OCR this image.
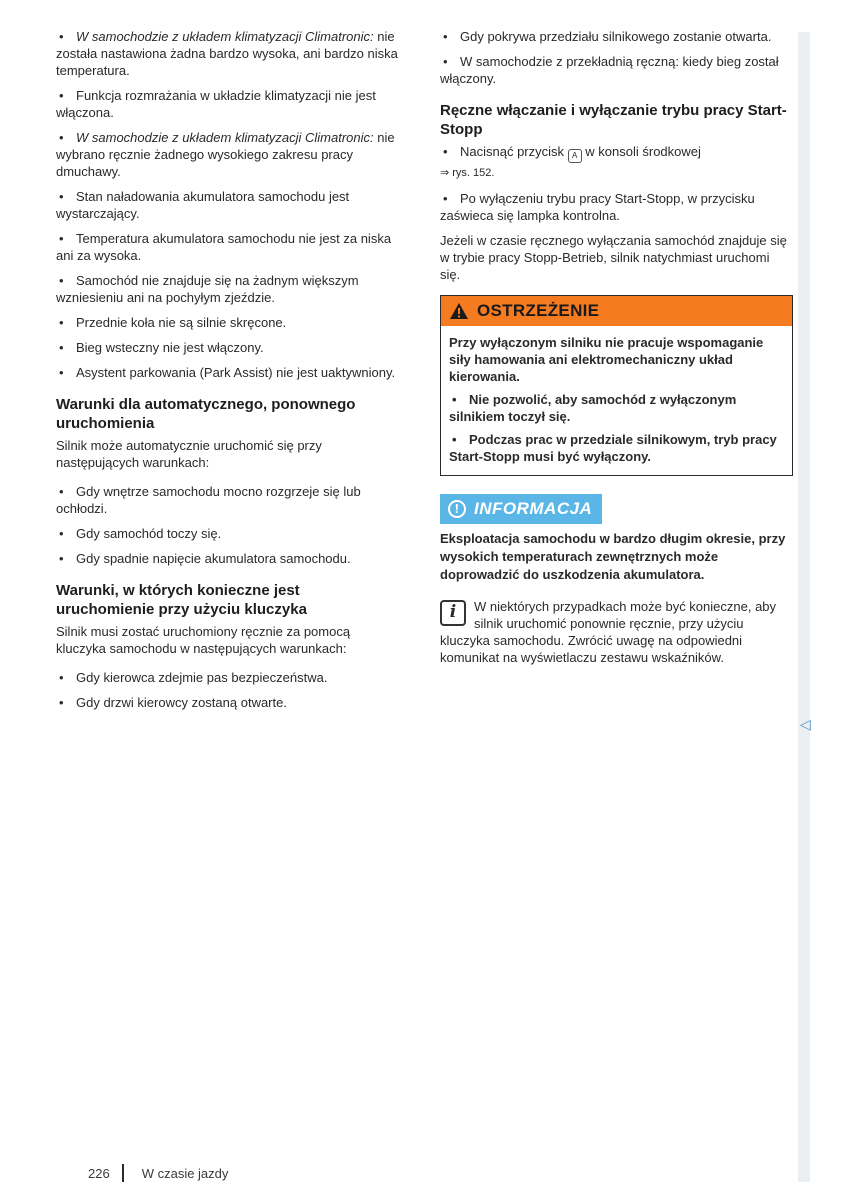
◁

• W samochodzie z układem klimatyzacji Climatronic: nie została nastawiona żadna bardzo wysoka, ani bardzo niska temperatura.

• Funkcja rozmrażania w układzie klimatyzacji nie jest włączona.

• W samochodzie z układem klimatyzacji Climatronic: nie wybrano ręcznie żadnego wysokiego zakresu pracy dmuchawy.

• Stan naładowania akumulatora samochodu jest wystarczający.

• Temperatura akumulatora samochodu nie jest za niska ani za wysoka.

• Samochód nie znajduje się na żadnym większym wzniesieniu ani na pochyłym zjeździe.

• Przednie koła nie są silnie skręcone.

• Bieg wsteczny nie jest włączony.

• Asystent parkowania (Park Assist) nie jest uaktywniony.

Warunki dla automatycznego, ponownego uruchomienia

Silnik może automatycznie uruchomić się przy następujących warunkach:

• Gdy wnętrze samochodu mocno rozgrzeje się lub ochłodzi.

• Gdy samochód toczy się.

• Gdy spadnie napięcie akumulatora samochodu.

Warunki, w których konieczne jest uruchomienie przy użyciu kluczyka

Silnik musi zostać uruchomiony ręcznie za pomocą kluczyka samochodu w następujących warunkach:

• Gdy kierowca zdejmie pas bezpieczeństwa.

• Gdy drzwi kierowcy zostaną otwarte.

• Gdy pokrywa przedziału silnikowego zostanie otwarta.

• W samochodzie z przekładnią ręczną: kiedy bieg został włączony.

Ręczne włączanie i wyłączanie trybu pracy Start-Stopp

• Nacisnąć przycisk A w konsoli środkowej
⇒ rys. 152.

• Po wyłączeniu trybu pracy Start-Stopp, w przycisku zaświeca się lampka kontrolna.

Jeżeli w czasie ręcznego wyłączania samochód znajduje się w trybie pracy Stopp-Betrieb, silnik natychmiast uruchomi się.

OSTRZEŻENIE

Przy wyłączonym silniku nie pracuje wspomaganie siły hamowania ani elektromechaniczny układ kierowania.

• Nie pozwolić, aby samochód z wyłączonym silnikiem toczył się.

• Podczas prac w przedziale silnikowym, tryb pracy Start-Stopp musi być wyłączony.

! INFORMACJA

Eksploatacja samochodu w bardzo długim okresie, przy wysokich temperaturach zewnętrznych może doprowadzić do uszkodzenia akumulatora.

i	W niektórych przypadkach może być konieczne, aby silnik uruchomić ponownie ręcznie, przy użyciu kluczyka samochodu. Zwrócić uwagę na odpowiedni komunikat na wyświetlaczu zestawu wskaźników.
226 W czasie jazdy
